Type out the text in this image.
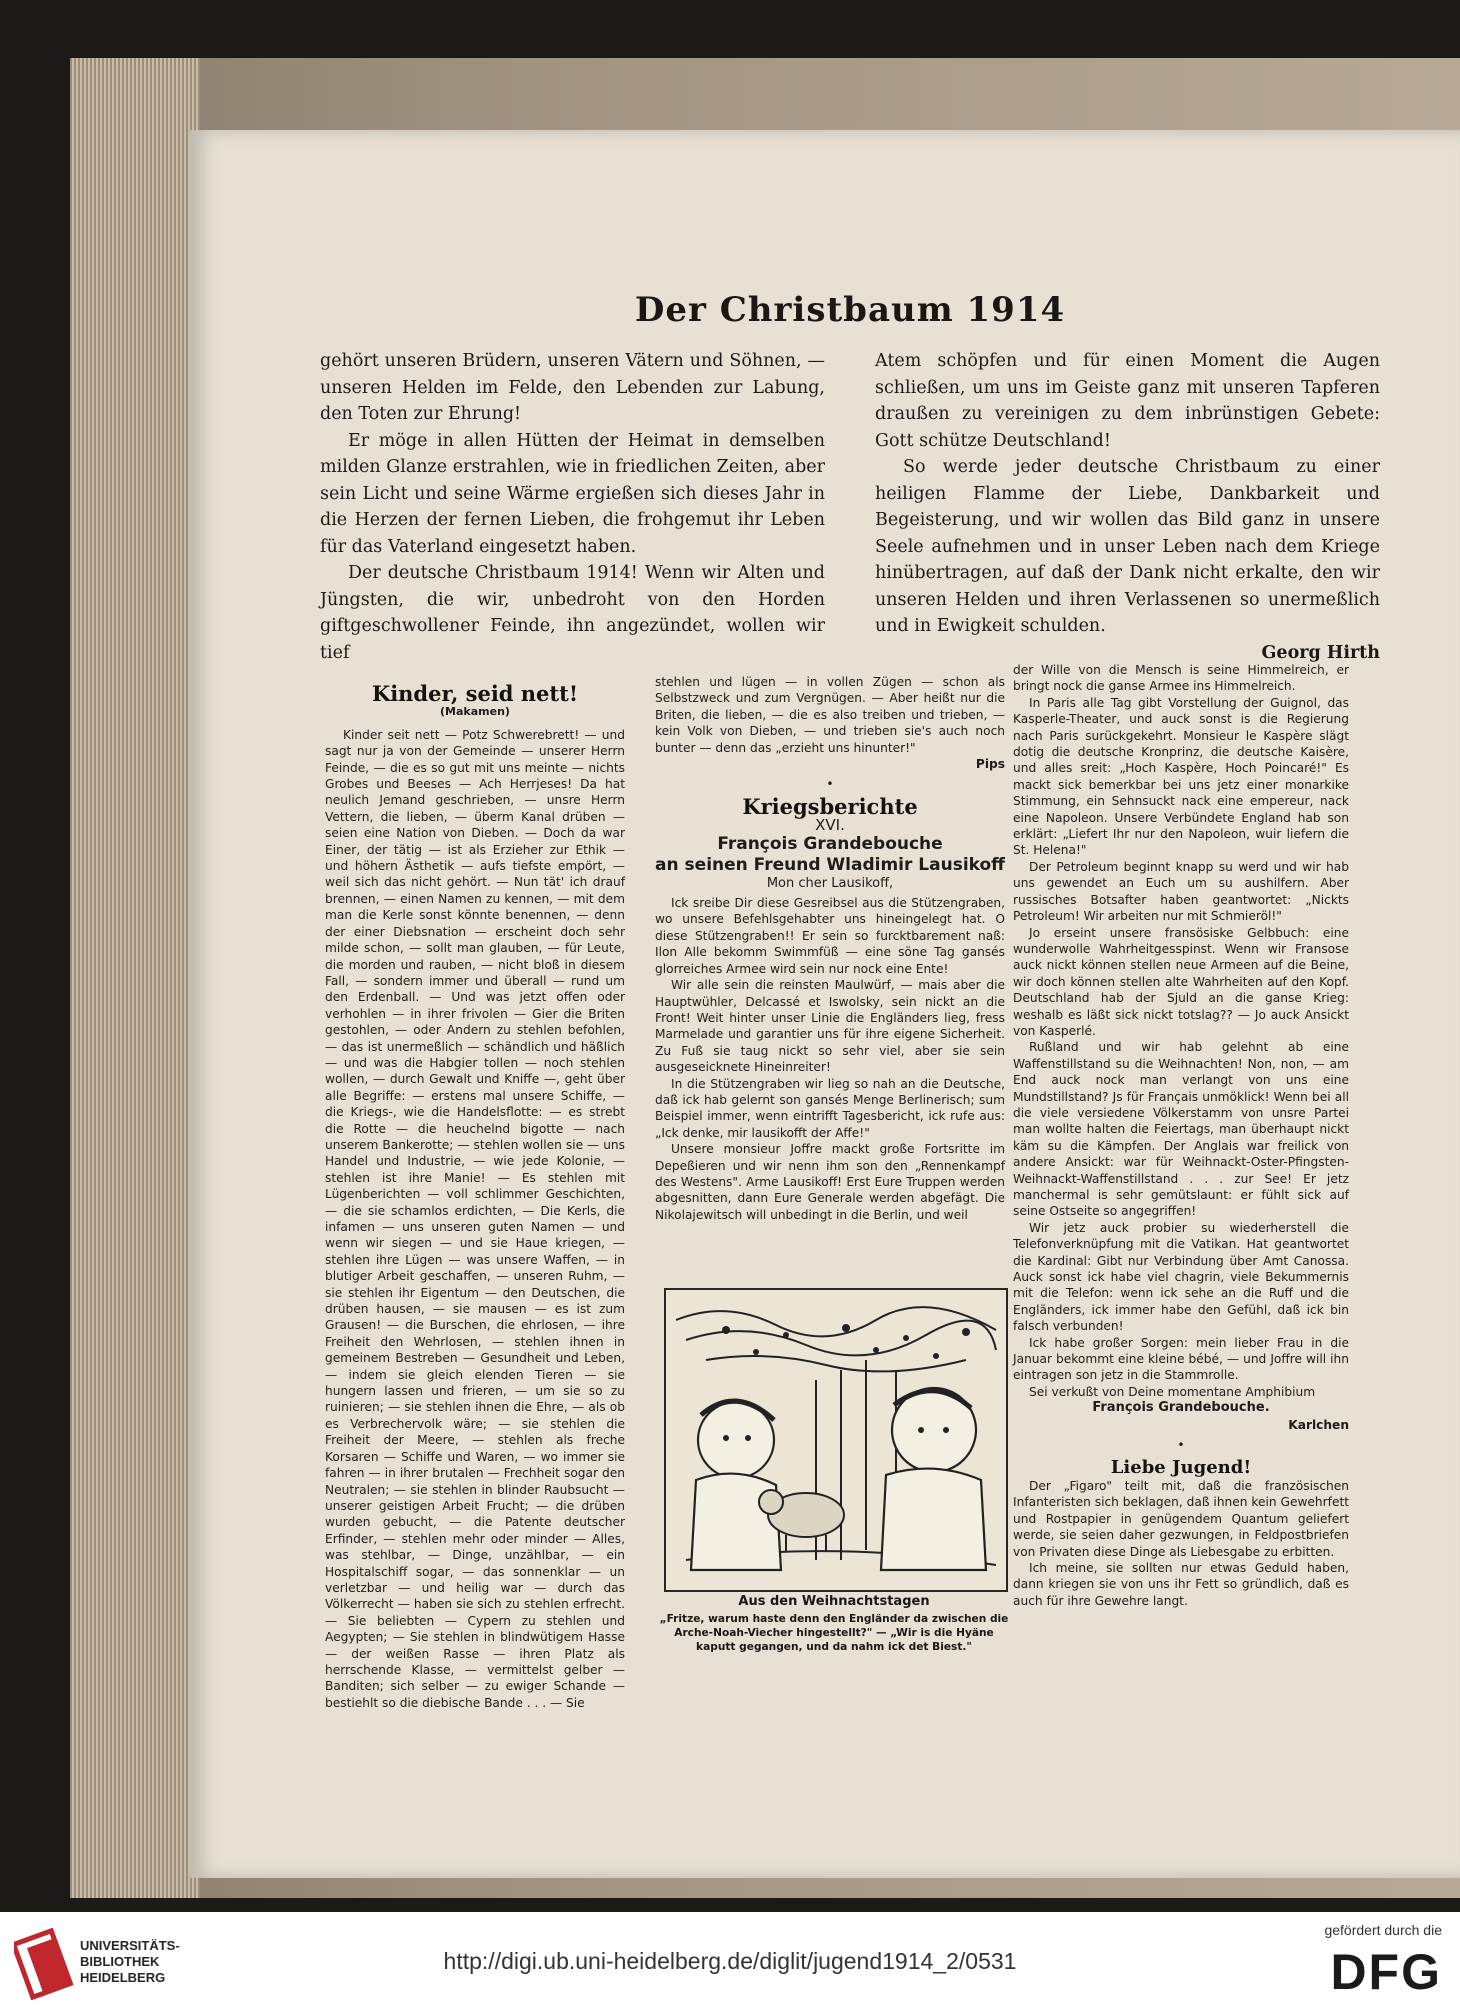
Der Christbaum 1914

gehört unseren Brüdern, unseren Vätern und Söhnen, — unseren Helden im Felde, den Lebenden zur Labung, den Toten zur Ehrung!

Er möge in allen Hütten der Heimat in demselben milden Glanze erstrahlen, wie in friedlichen Zeiten, aber sein Licht und seine Wärme ergießen sich dieses Jahr in die Herzen der fernen Lieben, die frohgemut ihr Leben für das Vaterland eingesetzt haben.

Der deutsche Christbaum 1914! Wenn wir Alten und Jüngsten, die wir, unbedroht von den Horden giftgeschwollener Feinde, ihn angezündet, wollen wir tief

Atem schöpfen und für einen Moment die Augen schließen, um uns im Geiste ganz mit unseren Tapferen draußen zu vereinigen zu dem inbrünstigen Gebete: Gott schütze Deutschland!

So werde jeder deutsche Christbaum zu einer heiligen Flamme der Liebe, Dankbarkeit und Begeisterung, und wir wollen das Bild ganz in unsere Seele aufnehmen und in unser Leben nach dem Kriege hinübertragen, auf daß der Dank nicht erkalte, den wir unseren Helden und ihren Verlassenen so unermeßlich und in Ewigkeit schulden.

Georg Hirth

Kinder, seid nett!
(Makamen)

Kinder seit nett — Potz Schwerebrett! — und sagt nur ja von der Gemeinde — unserer Herrn Feinde, — die es so gut mit uns meinte — nichts Grobes und Beeses — Ach Herrjeses! Da hat neulich Jemand geschrieben, — unsre Herrn Vettern, die lieben, — überm Kanal drüben — seien eine Nation von Dieben. — Doch da war Einer, der tätig — ist als Erzieher zur Ethik — und höhern Ästhetik — aufs tiefste empört, — weil sich das nicht gehört. — Nun tät' ich drauf brennen, — einen Namen zu kennen, — mit dem man die Kerle sonst könnte benennen, — denn der einer Diebsnation — erscheint doch sehr milde schon, — sollt man glauben, — für Leute, die morden und rauben, — nicht bloß in diesem Fall, — sondern immer und überall — rund um den Erdenball. — Und was jetzt offen oder verhohlen — in ihrer frivolen — Gier die Briten gestohlen, — oder Andern zu stehlen befohlen, — das ist unermeßlich — schändlich und häßlich — und was die Habgier tollen — noch stehlen wollen, — durch Gewalt und Kniffe —, geht über alle Begriffe: — erstens mal unsere Schiffe, — die Kriegs-, wie die Handelsflotte: — es strebt die Rotte — die heuchelnd bigotte — nach unserem Bankerotte; — stehlen wollen sie — uns Handel und Industrie, — wie jede Kolonie, — stehlen ist ihre Manie! — Es stehlen mit Lügenberichten — voll schlimmer Geschichten, — die sie schamlos erdichten, — Die Kerls, die infamen — uns unseren guten Namen — und wenn wir siegen — und sie Haue kriegen, — stehlen ihre Lügen — was unsere Waffen, — in blutiger Arbeit geschaffen, — unseren Ruhm, — sie stehlen ihr Eigentum — den Deutschen, die drüben hausen, — sie mausen — es ist zum Grausen! — die Burschen, die ehrlosen, — ihre Freiheit den Wehrlosen, — stehlen ihnen in gemeinem Bestreben — Gesundheit und Leben, — indem sie gleich elenden Tieren — sie hungern lassen und frieren, — um sie so zu ruinieren; — sie stehlen ihnen die Ehre, — als ob es Verbrechervolk wäre; — sie stehlen die Freiheit der Meere, — stehlen als freche Korsaren — Schiffe und Waren, — wo immer sie fahren — in ihrer brutalen — Frechheit sogar den Neutralen; — sie stehlen in blinder Raubsucht — unserer geistigen Arbeit Frucht; — die drüben wurden gebucht, — die Patente deutscher Erfinder, — stehlen mehr oder minder — Alles, was stehlbar, — Dinge, unzählbar, — ein Hospitalschiff sogar, — das sonnenklar — un verletzbar — und heilig war — durch das Völkerrecht — haben sie sich zu stehlen erfrecht. — Sie beliebten — Cypern zu stehlen und Aegypten; — Sie stehlen in blindwütigem Hasse — der weißen Rasse — ihren Platz als herrschende Klasse, — vermittelst gelber — Banditen; sich selber — zu ewiger Schande — bestiehlt so die diebische Bande . . . — Sie

stehlen und lügen — in vollen Zügen — schon als Selbstzweck und zum Vergnügen. — Aber heißt nur die Briten, die lieben, — die es also treiben und trieben, — kein Volk von Dieben, — und trieben sie's auch noch bunter — denn das „erzieht uns hinunter!"

Pips

•
Kriegsberichte
XVI.

François Grandebouche

an seinen Freund Wladimir Lausikoff

Mon cher Lausikoff,

Ick sreibe Dir diese Gesreibsel aus die Stützengraben, wo unsere Befehlsgehabter uns hineingelegt hat. O diese Stützengraben!! Er sein so furcktbarement naß: Ilon Alle bekomm Swimmfüß — eine söne Tag gansés glorreiches Armee wird sein nur nock eine Ente!

Wir alle sein die reinsten Maulwürf, — mais aber die Hauptwühler, Delcassé et Iswolsky, sein nickt an die Front! Weit hinter unser Linie die Engländers lieg, fress Marmelade und garantier uns für ihre eigene Sicherheit. Zu Fuß sie taug nickt so sehr viel, aber sie sein ausgeseicknete Hineinreiter!

In die Stützengraben wir lieg so nah an die Deutsche, daß ick hab gelernt son gansés Menge Berlinerisch; sum Beispiel immer, wenn eintrifft Tagesbericht, ick rufe aus: „Ick denke, mir lausikofft der Affe!"

Unsere monsieur Joffre mackt große Fortsritte im Depeßieren und wir nenn ihm son den „Rennenkampf des Westens". Arme Lausikoff! Erst Eure Truppen werden abgesnitten, dann Eure Generale werden abgefägt. Die Nikolajewitsch will unbedingt in die Berlin, und weil

Aus den Weihnachtstagen
„Fritze, warum haste denn den Engländer da zwischen die Arche-Noah-Viecher hingestellt?" — „Wir is die Hyäne kaputt gegangen, und da nahm ick det Biest."

der Wille von die Mensch is seine Himmelreich, er bringt nock die ganse Armee ins Himmelreich.

In Paris alle Tag gibt Vorstellung der Guignol, das Kasperle-Theater, und auck sonst is die Regierung nach Paris surückgekehrt. Monsieur le Kaspère slägt dotig die deutsche Kronprinz, die deutsche Kaisère, und alles sreit: „Hoch Kaspère, Hoch Poincaré!" Es mackt sick bemerkbar bei uns jetz einer monarkike Stimmung, ein Sehnsuckt nack eine empereur, nack eine Napoleon. Unsere Verbündete England hab son erklärt: „Liefert Ihr nur den Napoleon, wuir liefern die St. Helena!"

Der Petroleum beginnt knapp su werd und wir hab uns gewendet an Euch um su aushilfern. Aber russisches Botsafter haben geantwortet: „Nickts Petroleum! Wir arbeiten nur mit Schmieröl!"

Jo erseint unsere fransösiske Gelbbuch: eine wunderwolle Wahrheitgesspinst. Wenn wir Fransose auck nickt können stellen neue Armeen auf die Beine, wir doch können stellen alte Wahrheiten auf den Kopf. Deutschland hab der Sjuld an die ganse Krieg: weshalb es läßt sick nickt totslag?? — Jo auck Ansickt von Kasperlé.

Rußland und wir hab gelehnt ab eine Waffenstillstand su die Weihnachten! Non, non, — am End auck nock man verlangt von uns eine Mundstillstand? Js für Français unmöklick! Wenn bei all die viele versiedene Völkerstamm von unsre Partei man wollte halten die Feiertags, man überhaupt nickt käm su die Kämpfen. Der Anglais war freilick von andere Ansickt: war für Weihnackt-Oster-Pfingsten-Weihnackt-Waffenstillstand . . . zur See! Er jetz manchermal is sehr gemütslaunt: er fühlt sick auf seine Ostseite so angegriffen!

Wir jetz auck probier su wiederherstell die Telefonverknüpfung mit die Vatikan. Hat geantwortet die Kardinal: Gibt nur Verbindung über Amt Canossa. Auck sonst ick habe viel chagrin, viele Bekummernis mit die Telefon: wenn ick sehe an die Ruff und die Engländers, ick immer habe den Gefühl, daß ick bin falsch verbunden!

Ick habe großer Sorgen: mein lieber Frau in die Januar bekommt eine kleine bébé, — und Joffre will ihn eintragen son jetz in die Stammrolle.

Sei verkußt von Deine momentane Amphibium

François Grandebouche.

Karlchen

•
Liebe Jugend!

Der „Figaro" teilt mit, daß die französischen Infanteristen sich beklagen, daß ihnen kein Gewehrfett und Rostpapier in genügendem Quantum geliefert werde, sie seien daher gezwungen, in Feldpostbriefen von Privaten diese Dinge als Liebesgabe zu erbitten.

Ich meine, sie sollten nur etwas Geduld haben, dann kriegen sie von uns ihr Fett so gründlich, daß es auch für ihre Gewehre langt.

UNIVERSITÄTS-
BIBLIOTHEK
HEIDELBERG
http://digi.ub.uni-heidelberg.de/diglit/jugend1914_2/0531
gefördert durch die
DFG
